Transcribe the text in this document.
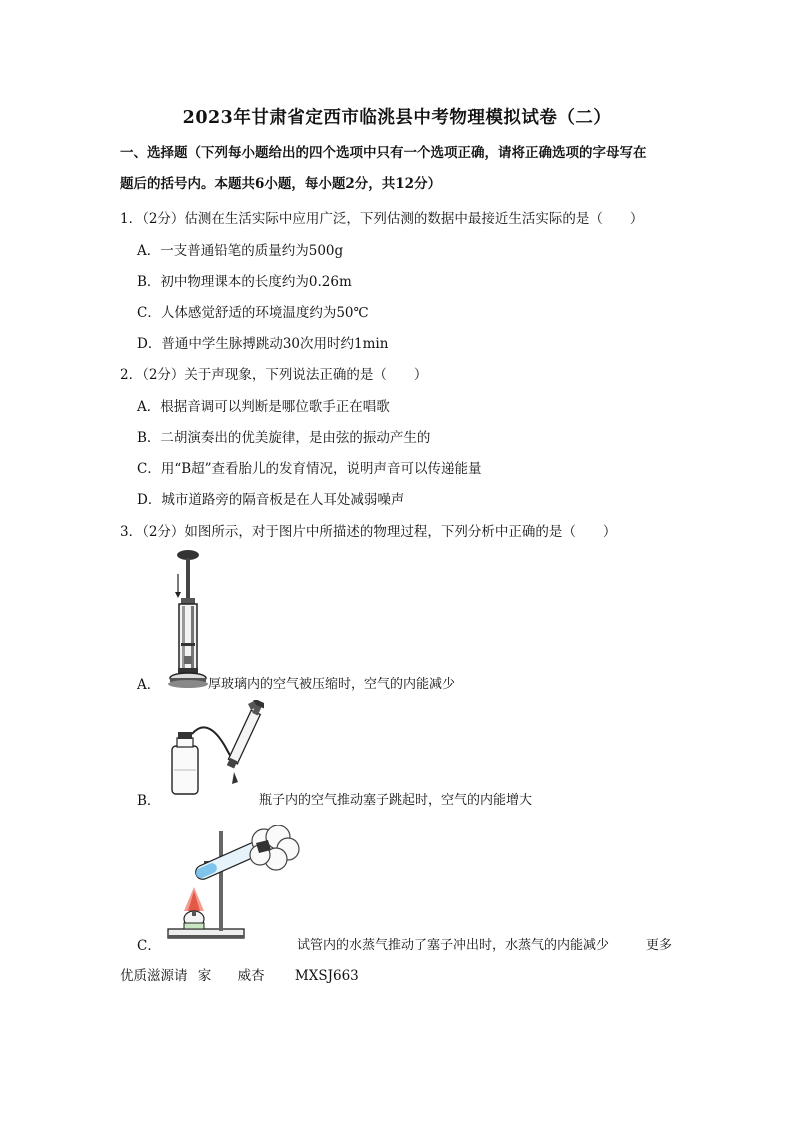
2023年甘肃省定西市临洮县中考物理模拟试卷（二）
一、选择题（下列每小题给出的四个选项中只有一个选项正确，请将正确选项的字母写在
题后的括号内。本题共6小题，每小题2分，共12分）
1．（2分）估测在生活实际中应用广泛，下列估测的数据中最接近生活实际的是（　　）
A．一支普通铅笔的质量约为500g
B．初中物理课本的长度约为0.26m
C．人体感觉舒适的环境温度约为50℃
D．普通中学生脉搏跳动30次用时约1min
2．（2分）关于声现象，下列说法正确的是（　　）
A．根据音调可以判断是哪位歌手正在唱歌
B．二胡演奏出的优美旋律，是由弦的振动产生的
C．用“B超”查看胎儿的发育情况，说明声音可以传递能量
D．城市道路旁的隔音板是在人耳处减弱噪声
3．（2分）如图所示，对于图片中所描述的物理过程，下列分析中正确的是（　　）
A．	厚玻璃内的空气被压缩时，空气的内能减少
B．	瓶子内的空气推动塞子跳起时，空气的内能增大
C．	试管内的水蒸气推动了塞子冲出时，水蒸气的内能减少	更多
优质滋源请 家 威杏 MXSJ663
